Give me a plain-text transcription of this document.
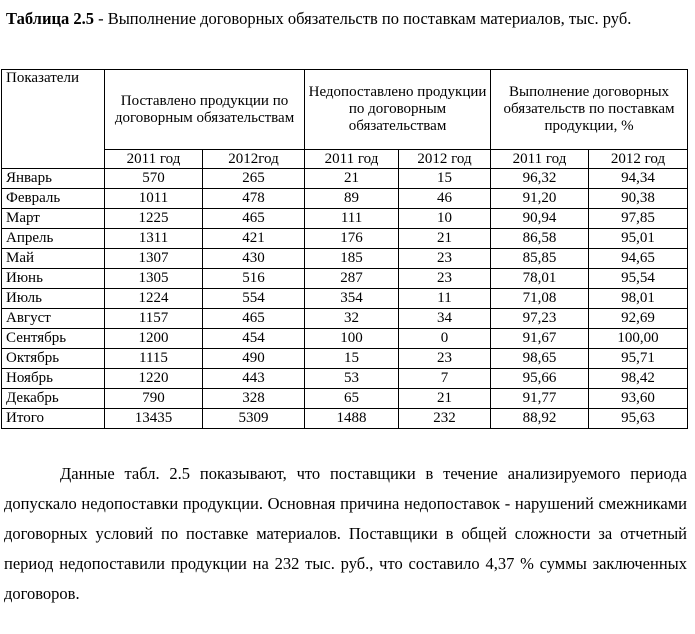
Таблица 2.5 - Выполнение договорных обязательств по поставкам материалов, тыс. руб.
Показатели	Поставлено продукции по договорным обязательствам		Недопоставлено продукции по договорным обязательствам		Выполнение договорных обязательств по поставкам продукции, %	
	2011 год	2012год	2011 год	2012 год	2011 год	2012 год
Январь	570	265	21	15	96,32	94,34
Февраль	1011	478	89	46	91,20	90,38
Март	1225	465	111	10	90,94	97,85
Апрель	1311	421	176	21	86,58	95,01
Май	1307	430	185	23	85,85	94,65
Июнь	1305	516	287	23	78,01	95,54
Июль	1224	554	354	11	71,08	98,01
Август	1157	465	32	34	97,23	92,69
Сентябрь	1200	454	100	0	91,67	100,00
Октябрь	1115	490	15	23	98,65	95,71
Ноябрь	1220	443	53	7	95,66	98,42
Декабрь	790	328	65	21	91,77	93,60
Итого	13435	5309	1488	232	88,92	95,63
Данные табл. 2.5 показывают, что поставщики в течение анализируемого периода допускало недопоставки продукции. Основная причина недопоставок - нарушений смежниками договорных условий по поставке материалов. Поставщики в общей сложности за отчетный период недопоставили продукции на 232 тыс. руб., что составило 4,37 % суммы заключенных договоров.
